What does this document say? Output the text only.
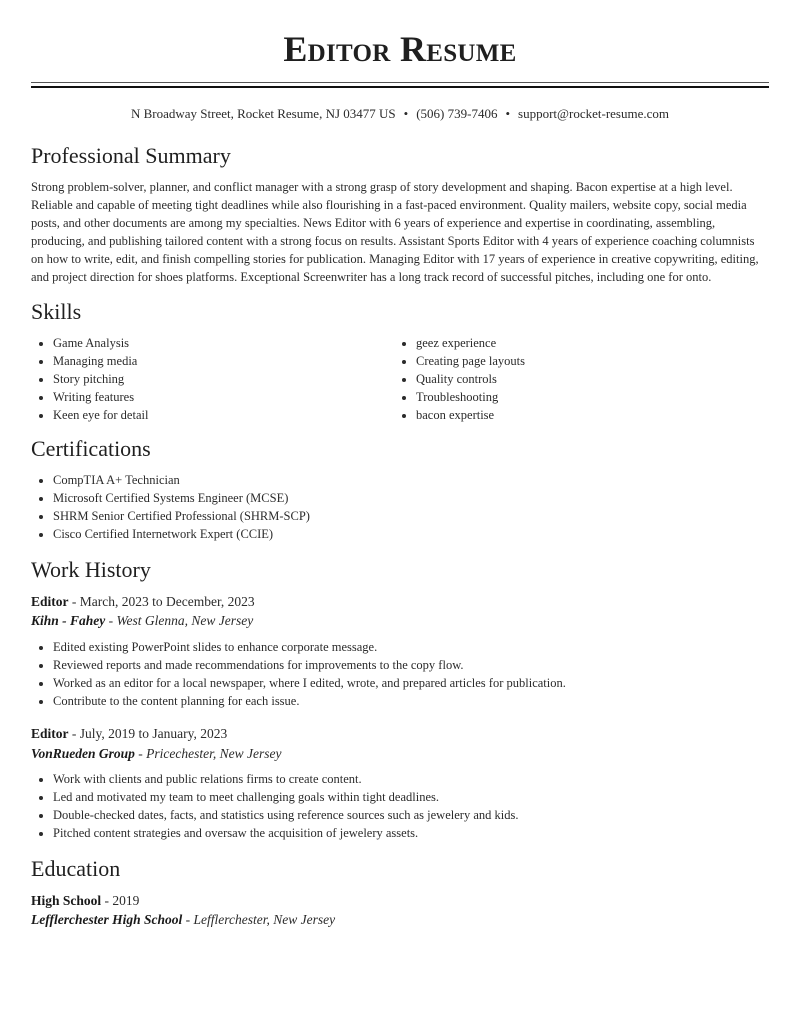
Editor Resume
N Broadway Street, Rocket Resume, NJ 03477 US • (506) 739-7406 • support@rocket-resume.com
Professional Summary

Strong problem-solver, planner, and conflict manager with a strong grasp of story development and shaping. Bacon expertise at a high level. Reliable and capable of meeting tight deadlines while also flourishing in a fast-paced environment. Quality mailers, website copy, social media posts, and other documents are among my specialties. News Editor with 6 years of experience and expertise in coordinating, assembling, producing, and publishing tailored content with a strong focus on results. Assistant Sports Editor with 4 years of experience coaching columnists on how to write, edit, and finish compelling stories for publication. Managing Editor with 17 years of experience in creative copywriting, editing, and project direction for shoes platforms. Exceptional Screenwriter has a long track record of successful pitches, including one for onto.

Skills
• Game Analysis
• Managing media
• Story pitching
• Writing features
• Keen eye for detail
• geez experience
• Creating page layouts
• Quality controls
• Troubleshooting
• bacon expertise
Certifications
• CompTIA A+ Technician
• Microsoft Certified Systems Engineer (MCSE)
• SHRM Senior Certified Professional (SHRM-SCP)
• Cisco Certified Internetwork Expert (CCIE)
Work History
Editor - March, 2023 to December, 2023
Kihn - Fahey - West Glenna, New Jersey
• Edited existing PowerPoint slides to enhance corporate message.
• Reviewed reports and made recommendations for improvements to the copy flow.
• Worked as an editor for a local newspaper, where I edited, wrote, and prepared articles for publication.
• Contribute to the content planning for each issue.
Editor - July, 2019 to January, 2023
VonRueden Group - Pricechester, New Jersey
• Work with clients and public relations firms to create content.
• Led and motivated my team to meet challenging goals within tight deadlines.
• Double-checked dates, facts, and statistics using reference sources such as jewelery and kids.
• Pitched content strategies and oversaw the acquisition of jewelery assets.
Education
High School - 2019
Lefflerchester High School - Lefflerchester, New Jersey
